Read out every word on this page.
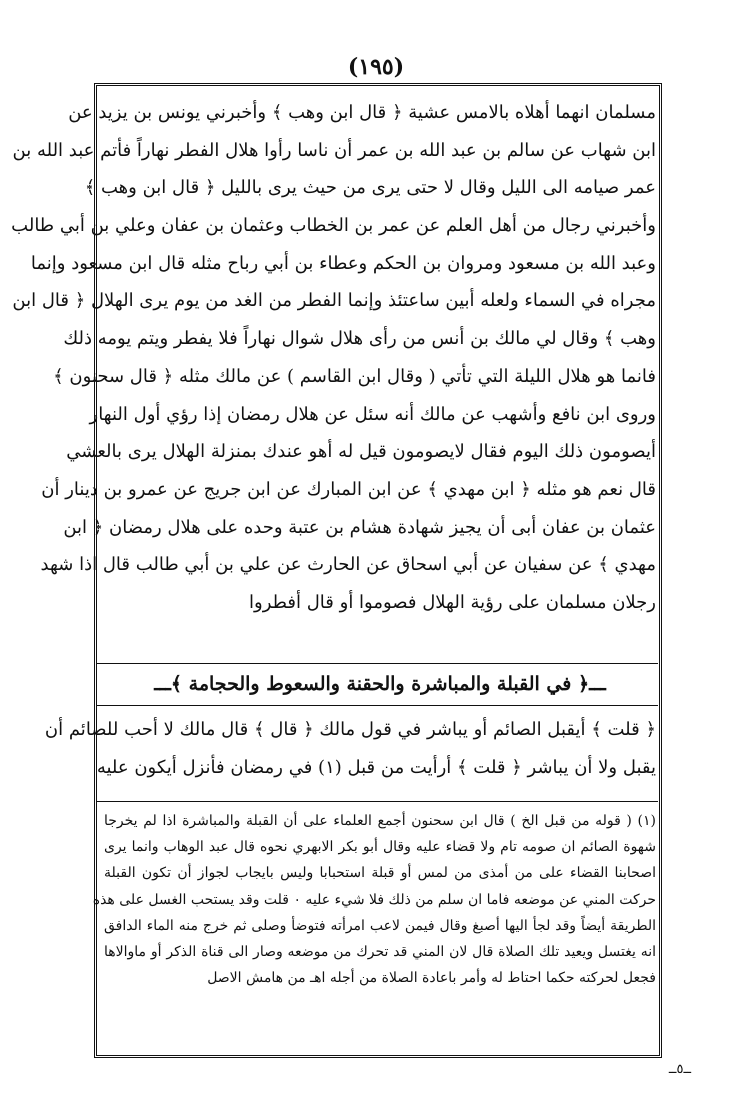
(١٩٥)
مسلمان انهما أهلاه بالامس عشية ﴿ قال ابن وهب ﴾ وأخبرني يونس بن يزيد عن
ابن شهاب عن سالم بن عبد الله بن عمر أن ناسا رأوا هلال الفطر نهاراً فأتم عبد الله بن
عمر صيامه الى الليل وقال لا حتى يرى من حيث يرى بالليل ﴿ قال ابن وهب ﴾
وأخبرني رجال من أهل العلم عن عمر بن الخطاب وعثمان بن عفان وعلي بن أبي طالب
وعبد الله بن مسعود ومروان بن الحكم وعطاء بن أبي رباح مثله قال ابن مسعود وإنما
مجراه في السماء ولعله أبين ساعتئذ وإنما الفطر من الغد من يوم يرى الهلال ﴿ قال ابن
وهب ﴾ وقال لي مالك بن أنس من رأى هلال شوال نهاراً فلا يفطر ويتم يومه ذلك
فانما هو هلال الليلة التي تأتي ( وقال ابن القاسم ) عن مالك مثله ﴿ قال سحنون ﴾
وروى ابن نافع وأشهب عن مالك أنه سئل عن هلال رمضان إذا رؤي أول النهار
أيصومون ذلك اليوم فقال لايصومون قيل له أهو عندك بمنزلة الهلال يرى بالعشي
قال نعم هو مثله ﴿ ابن مهدي ﴾ عن ابن المبارك عن ابن جريج عن عمرو بن دينار أن
عثمان بن عفان أبى أن يجيز شهادة هشام بن عتبة وحده على هلال رمضان ﴿ ابن
مهدي ﴾ عن سفيان عن أبي اسحاق عن الحارث عن علي بن أبي طالب قال اذا شهد
رجلان مسلمان على رؤية الهلال فصوموا أو قال أفطروا
ـــ﴿ في القبلة والمباشرة والحقنة والسعوط والحجامة ﴾ـــ
﴿ قلت ﴾ أيقبل الصائم أو يباشر في قول مالك ﴿ قال ﴾ قال مالك لا أحب للصائم أن
يقبل ولا أن يباشر ﴿ قلت ﴾ أرأيت من قبل (١) في رمضان فأنزل أيكون عليه
(١) ( قوله من قبل الخ ) قال ابن سحنون أجمع العلماء على أن القبلة والمباشرة اذا لم يخرجا
شهوة الصائم ان صومه تام ولا قضاء عليه وقال أبو بكر الابهري نحوه قال عبد الوهاب وانما يرى
اصحابنا القضاء على من أمذى من لمس أو قبلة استحبابا وليس بايجاب لجواز أن تكون القبلة
حركت المني عن موضعه فاما ان سلم من ذلك فلا شيء عليه ٠ قلت وقد يستحب الغسل على هذه
الطريقة أيضاً وقد لجأ اليها أصبغ وقال فيمن لاعب امرأته فتوضأ وصلى ثم خرج منه الماء الدافق
انه يغتسل ويعيد تلك الصلاة قال لان المني قد تحرك من موضعه وصار الى قناة الذكر أو ماوالاها
فجعل لحركته حكما احتاط له وأمر باعادة الصلاة من أجله اهـ من هامش الاصل
ــ٥ــ
